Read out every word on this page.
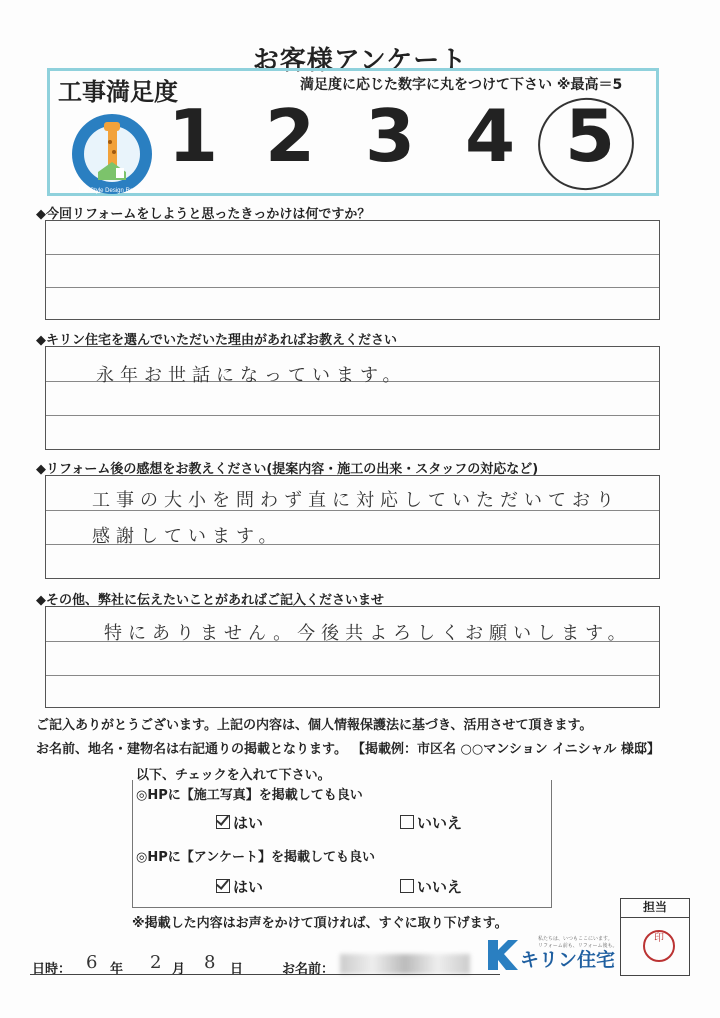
お客様アンケート
工事満足度	満足度に応じた数字に丸をつけて下さい ※最高＝5
Life Style Design Reform
1 2 3 4 5
◆今回リフォームをしようと思ったきっかけは何ですか？
◆キリン住宅を選んでいただいた理由があればお教えください
永年お世話になっています。
◆リフォーム後の感想をお教えください(提案内容・施工の出来・スタッフの対応など)
工事の大小を問わず直に対応していただいており
感謝しています。
◆その他、弊社に伝えたいことがあればご記入くださいませ
特にありません。今後共よろしくお願いします。
ご記入ありがとうございます。上記の内容は、個人情報保護法に基づき、活用させて頂きます。
お名前、地名・建物名は右記通りの掲載となります。 【掲載例：市区名 ○○マンション イニシャル 様邸】
以下、チェックを入れて下さい。
◎HPに【施工写真】を掲載しても良い
はい	いいえ
◎HPに【アンケート】を掲載しても良い
はい	いいえ
※掲載した内容はお声をかけて頂ければ、すぐに取り下げます。
日時： 6 年 2 月 8 日	お名前：	キリン住宅
私たちは、いつもここにいます。
リフォーム前も、リフォーム後も。
担当
印
